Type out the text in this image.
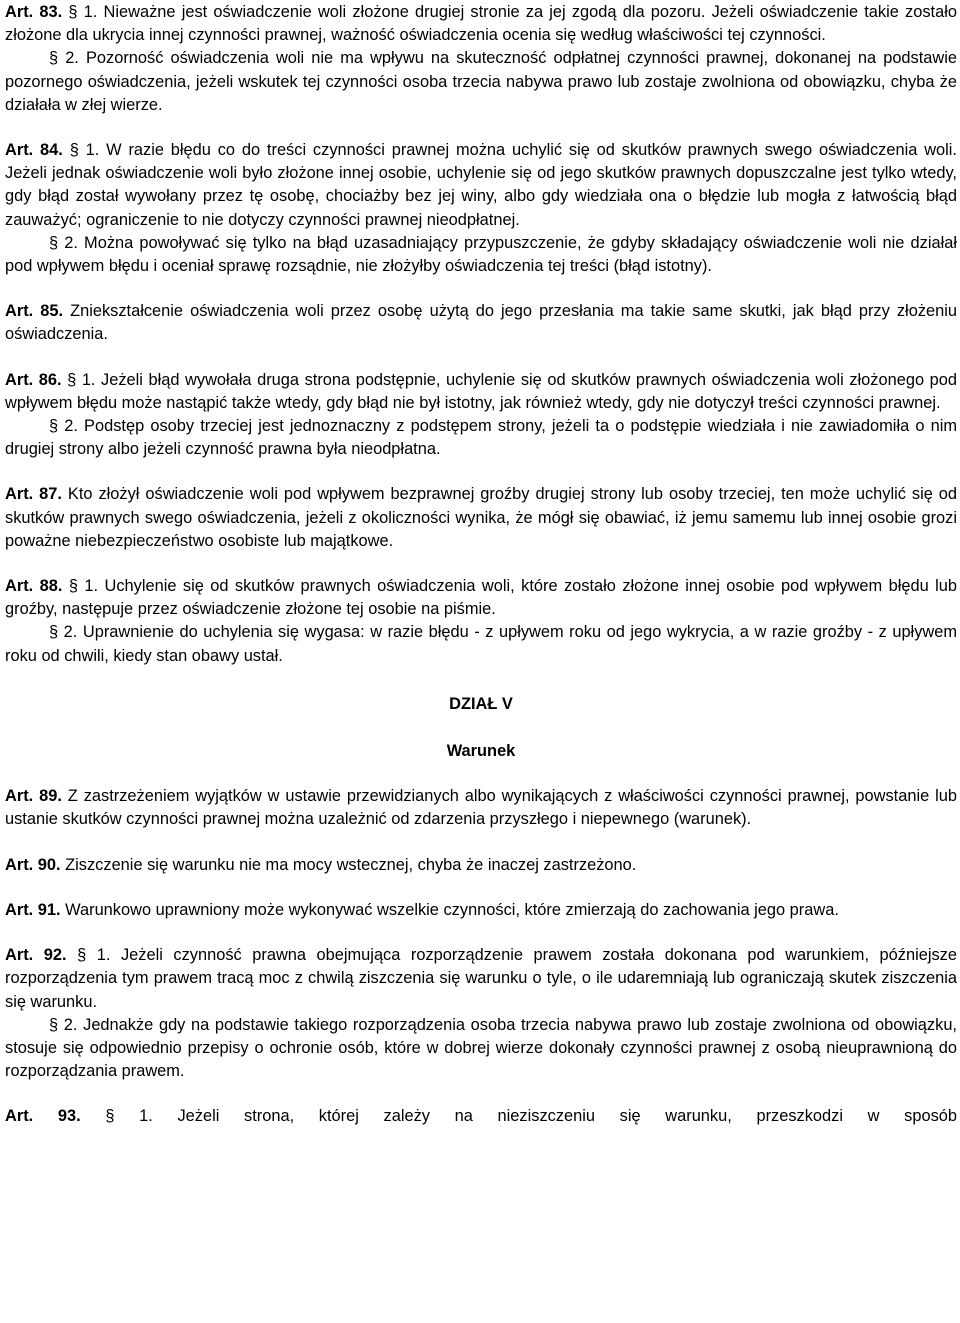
Art. 83. § 1. Nieważne jest oświadczenie woli złożone drugiej stronie za jej zgodą dla pozoru. Jeżeli oświadczenie takie zostało złożone dla ukrycia innej czynności prawnej, ważność oświadczenia ocenia się według właściwości tej czynności.

§ 2. Pozorność oświadczenia woli nie ma wpływu na skuteczność odpłatnej czynności prawnej, dokonanej na podstawie pozornego oświadczenia, jeżeli wskutek tej czynności osoba trzecia nabywa prawo lub zostaje zwolniona od obowiązku, chyba że działała w złej wierze.

Art. 84. § 1. W razie błędu co do treści czynności prawnej można uchylić się od skutków prawnych swego oświadczenia woli. Jeżeli jednak oświadczenie woli było złożone innej osobie, uchylenie się od jego skutków prawnych dopuszczalne jest tylko wtedy, gdy błąd został wywołany przez tę osobę, chociażby bez jej winy, albo gdy wiedziała ona o błędzie lub mogła z łatwością błąd zauważyć; ograniczenie to nie dotyczy czynności prawnej nieodpłatnej.

§ 2. Można powoływać się tylko na błąd uzasadniający przypuszczenie, że gdyby składający oświadczenie woli nie działał pod wpływem błędu i oceniał sprawę rozsądnie, nie złożyłby oświadczenia tej treści (błąd istotny).

Art. 85. Zniekształcenie oświadczenia woli przez osobę użytą do jego przesłania ma takie same skutki, jak błąd przy złożeniu oświadczenia.

Art. 86. § 1. Jeżeli błąd wywołała druga strona podstępnie, uchylenie się od skutków prawnych oświadczenia woli złożonego pod wpływem błędu może nastąpić także wtedy, gdy błąd nie był istotny, jak również wtedy, gdy nie dotyczył treści czynności prawnej.

§ 2. Podstęp osoby trzeciej jest jednoznaczny z podstępem strony, jeżeli ta o podstępie wiedziała i nie zawiadomiła o nim drugiej strony albo jeżeli czynność prawna była nieodpłatna.

Art. 87. Kto złożył oświadczenie woli pod wpływem bezprawnej groźby drugiej strony lub osoby trzeciej, ten może uchylić się od skutków prawnych swego oświadczenia, jeżeli z okoliczności wynika, że mógł się obawiać, iż jemu samemu lub innej osobie grozi poważne niebezpieczeństwo osobiste lub majątkowe.

Art. 88. § 1. Uchylenie się od skutków prawnych oświadczenia woli, które zostało złożone innej osobie pod wpływem błędu lub groźby, następuje przez oświadczenie złożone tej osobie na piśmie.

§ 2. Uprawnienie do uchylenia się wygasa: w razie błędu - z upływem roku od jego wykrycia, a w razie groźby - z upływem roku od chwili, kiedy stan obawy ustał.

DZIAŁ V

Warunek

Art. 89. Z zastrzeżeniem wyjątków w ustawie przewidzianych albo wynikających z właściwości czynności prawnej, powstanie lub ustanie skutków czynności prawnej można uzależnić od zdarzenia przyszłego i niepewnego (warunek).

Art. 90. Ziszczenie się warunku nie ma mocy wstecznej, chyba że inaczej zastrzeżono.

Art. 91. Warunkowo uprawniony może wykonywać wszelkie czynności, które zmierzają do zachowania jego prawa.

Art. 92. § 1. Jeżeli czynność prawna obejmująca rozporządzenie prawem została dokonana pod warunkiem, późniejsze rozporządzenia tym prawem tracą moc z chwilą ziszczenia się warunku o tyle, o ile udaremniają lub ograniczają skutek ziszczenia się warunku.

§ 2. Jednakże gdy na podstawie takiego rozporządzenia osoba trzecia nabywa prawo lub zostaje zwolniona od obowiązku, stosuje się odpowiednio przepisy o ochronie osób, które w dobrej wierze dokonały czynności prawnej z osobą nieuprawnioną do rozporządzania prawem.

Art. 93. § 1. Jeżeli strona, której zależy na nieziszczeniu się warunku, przeszkodzi w sposób
